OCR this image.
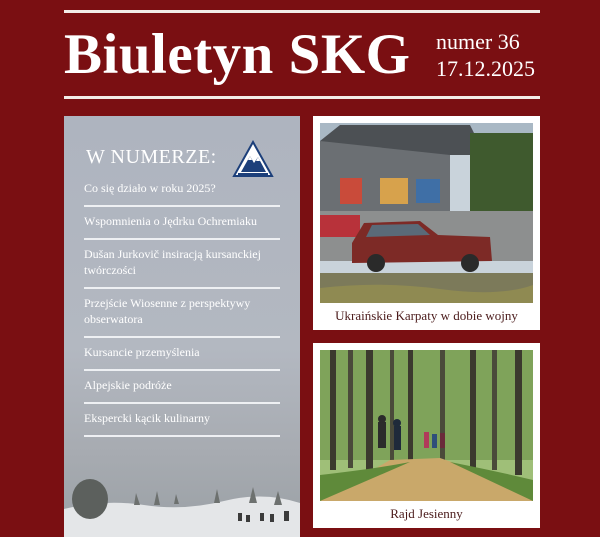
Biuletyn SKG numer 36
17.12.2025
W NUMERZE:
Co się działo w roku 2025?
Wspomnienia o Jędrku Ochremiaku
Dušan Jurkovič insiracją kursanckiej twórczości
Przejście Wiosenne z perspektywy obserwatora
Kursancie przemyślenia
Alpejskie podróże
Ekspercki kącik kulinarny
Ukraińskie Karpaty w dobie wojny
Rajd Jesienny
